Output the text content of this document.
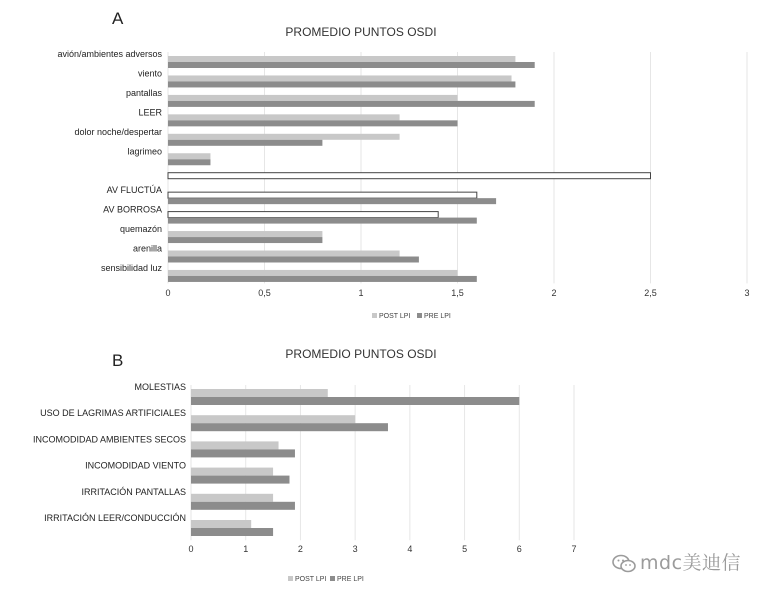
A
PROMEDIO PUNTOS OSDI
0	0,5	1	1,5	2	2,5	3
avión/ambientes adversos
viento
pantallas
LEER
dolor noche/despertar
lagrimeo
AV FLUCTÚA
AV BORROSA
quemazón
arenilla
sensibilidad luz
POST LPI PRE LPI
B	PROMEDIO PUNTOS OSDI
0	1	2	3	4	5	6	7
MOLESTIAS
USO DE LAGRIMAS ARTIFICIALES
INCOMODIDAD AMBIENTES SECOS
INCOMODIDAD VIENTO
IRRITACIÓN PANTALLAS
IRRITACIÓN LEER/CONDUCCIÓN
POST LPI PRE LPI
mdc美迪信
